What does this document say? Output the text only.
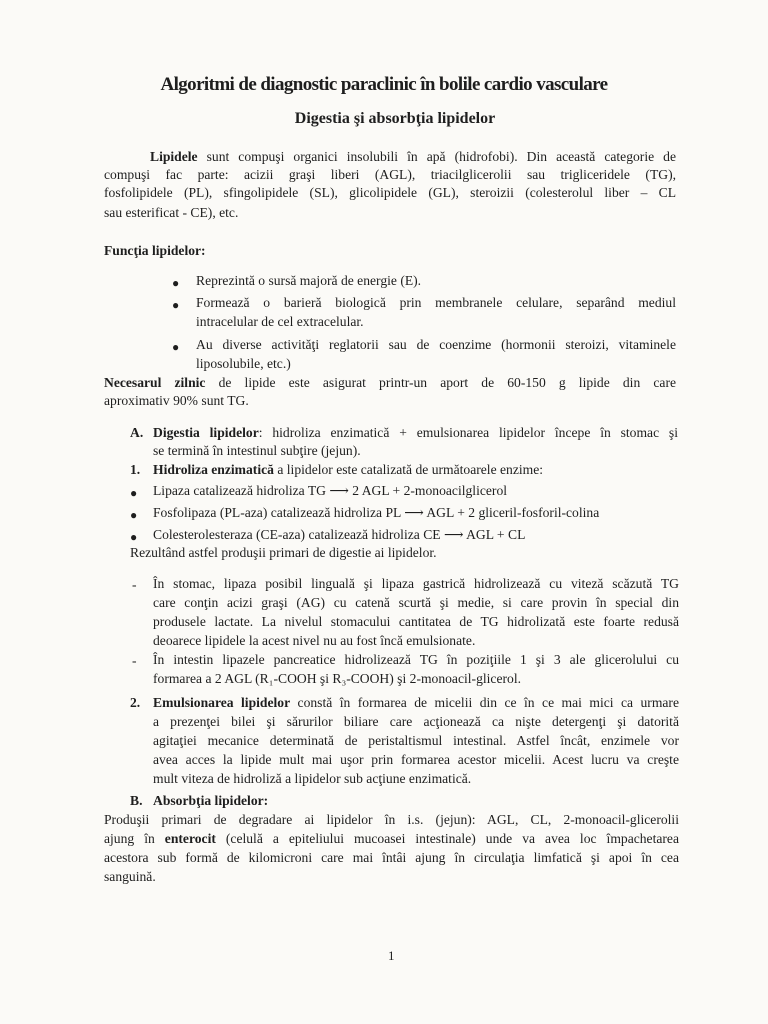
Algoritmi de diagnostic paraclinic în bolile cardio vasculare
Digestia şi absorbţia lipidelor
Lipidele sunt compuşi organici insolubili în apă (hidrofobi). Din această categorie de
compuşi fac parte: acizii graşi liberi (AGL), triacilglicerolii sau trigliceridele (TG),
fosfolipidele (PL), sfingolipidele (SL), glicolipidele (GL), steroizii (colesterolul liber – CL
sau esterificat - CE), etc.
Funcţia lipidelor:
● Reprezintă o sursă majoră de energie (E).
● Formează o barieră biologică prin membranele celulare, separând mediul
intracelular de cel extracelular.
● Au diverse activităţi reglatorii sau de coenzime (hormonii steroizi, vitaminele
liposolubile, etc.)
Necesarul zilnic de lipide este asigurat printr-un aport de 60-150 g lipide din care
aproximativ 90% sunt TG.
A. Digestia lipidelor: hidroliza enzimatică + emulsionarea lipidelor începe în stomac şi
se termină în intestinul subţire (jejun).
1. Hidroliza enzimatică a lipidelor este catalizată de următoarele enzime:
● Lipaza catalizează hidroliza TG ⟶ 2 AGL + 2-monoacilglicerol
● Fosfolipaza (PL-aza) catalizează hidroliza PL ⟶ AGL + 2 gliceril-fosforil-colina
● Colesterolesteraza (CE-aza) catalizează hidroliza CE ⟶ AGL + CL
Rezultând astfel produşii primari de digestie ai lipidelor.
- În stomac, lipaza posibil linguală şi lipaza gastrică hidrolizează cu viteză scăzută TG
care conţin acizi graşi (AG) cu catenă scurtă şi medie, si care provin în special din
produsele lactate. La nivelul stomacului cantitatea de TG hidrolizată este foarte redusă
deoarece lipidele la acest nivel nu au fost încă emulsionate.
- În intestin lipazele pancreatice hidrolizează TG în poziţiile 1 şi 3 ale glicerolului cu
formarea a 2 AGL (R₁-COOH şi R₃-COOH) şi 2-monoacil-glicerol.
2. Emulsionarea lipidelor constă în formarea de micelii din ce în ce mai mici ca urmare
a prezenţei bilei şi sărurilor biliare care acţionează ca nişte detergenţi şi datorită
agitaţiei mecanice determinată de peristaltismul intestinal. Astfel încât, enzimele vor
avea acces la lipide mult mai uşor prin formarea acestor micelii. Acest lucru va creşte
mult viteza de hidroliză a lipidelor sub acţiune enzimatică.
B. Absorbţia lipidelor:
Produşii primari de degradare ai lipidelor în i.s. (jejun): AGL, CL, 2-monoacil-glicerolii
ajung în enterocit (celulă a epiteliului mucoasei intestinale) unde va avea loc împachetarea
acestora sub formă de kilomicroni care mai întâi ajung în circulaţia limfatică şi apoi în cea
sanguină.
1
